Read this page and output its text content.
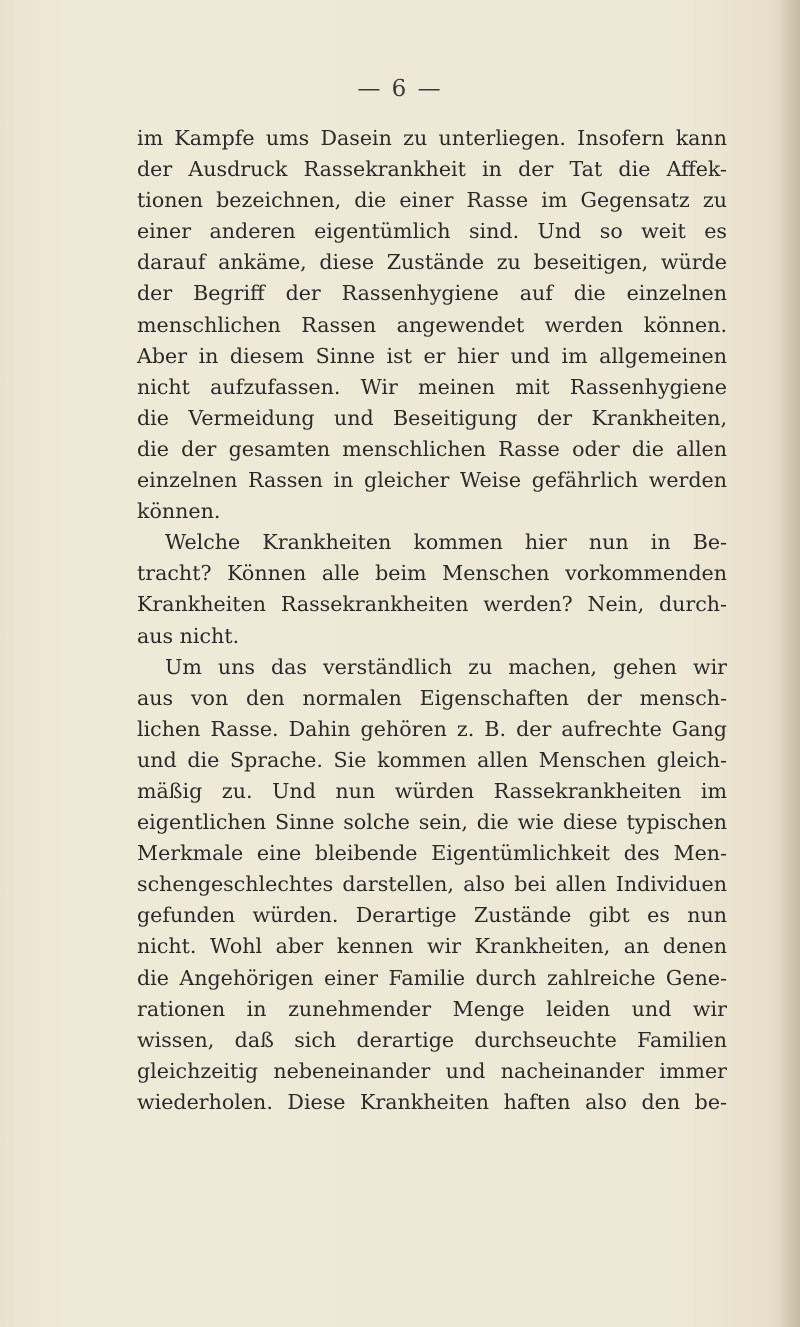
— 6 —
im Kampfe ums Dasein zu unterliegen. Insofern kann
der Ausdruck Rassekrankheit in der Tat die Affek-
tionen bezeichnen, die einer Rasse im Gegensatz zu
einer anderen eigentümlich sind. Und so weit es
darauf ankäme, diese Zustände zu beseitigen, würde
der Begriff der Rassenhygiene auf die einzelnen
menschlichen Rassen angewendet werden können.
Aber in diesem Sinne ist er hier und im allgemeinen
nicht aufzufassen. Wir meinen mit Rassenhygiene
die Vermeidung und Beseitigung der Krankheiten,
die der gesamten menschlichen Rasse oder die allen
einzelnen Rassen in gleicher Weise gefährlich werden
können.
Welche Krankheiten kommen hier nun in Be-
tracht? Können alle beim Menschen vorkommenden
Krankheiten Rassekrankheiten werden? Nein, durch-
aus nicht.
Um uns das verständlich zu machen, gehen wir
aus von den normalen Eigenschaften der mensch-
lichen Rasse. Dahin gehören z. B. der aufrechte Gang
und die Sprache. Sie kommen allen Menschen gleich-
mäßig zu. Und nun würden Rassekrankheiten im
eigentlichen Sinne solche sein, die wie diese typischen
Merkmale eine bleibende Eigentümlichkeit des Men-
schengeschlechtes darstellen, also bei allen Individuen
gefunden würden. Derartige Zustände gibt es nun
nicht. Wohl aber kennen wir Krankheiten, an denen
die Angehörigen einer Familie durch zahlreiche Gene-
rationen in zunehmender Menge leiden und wir
wissen, daß sich derartige durchseuchte Familien
gleichzeitig nebeneinander und nacheinander immer
wiederholen. Diese Krankheiten haften also den be-
